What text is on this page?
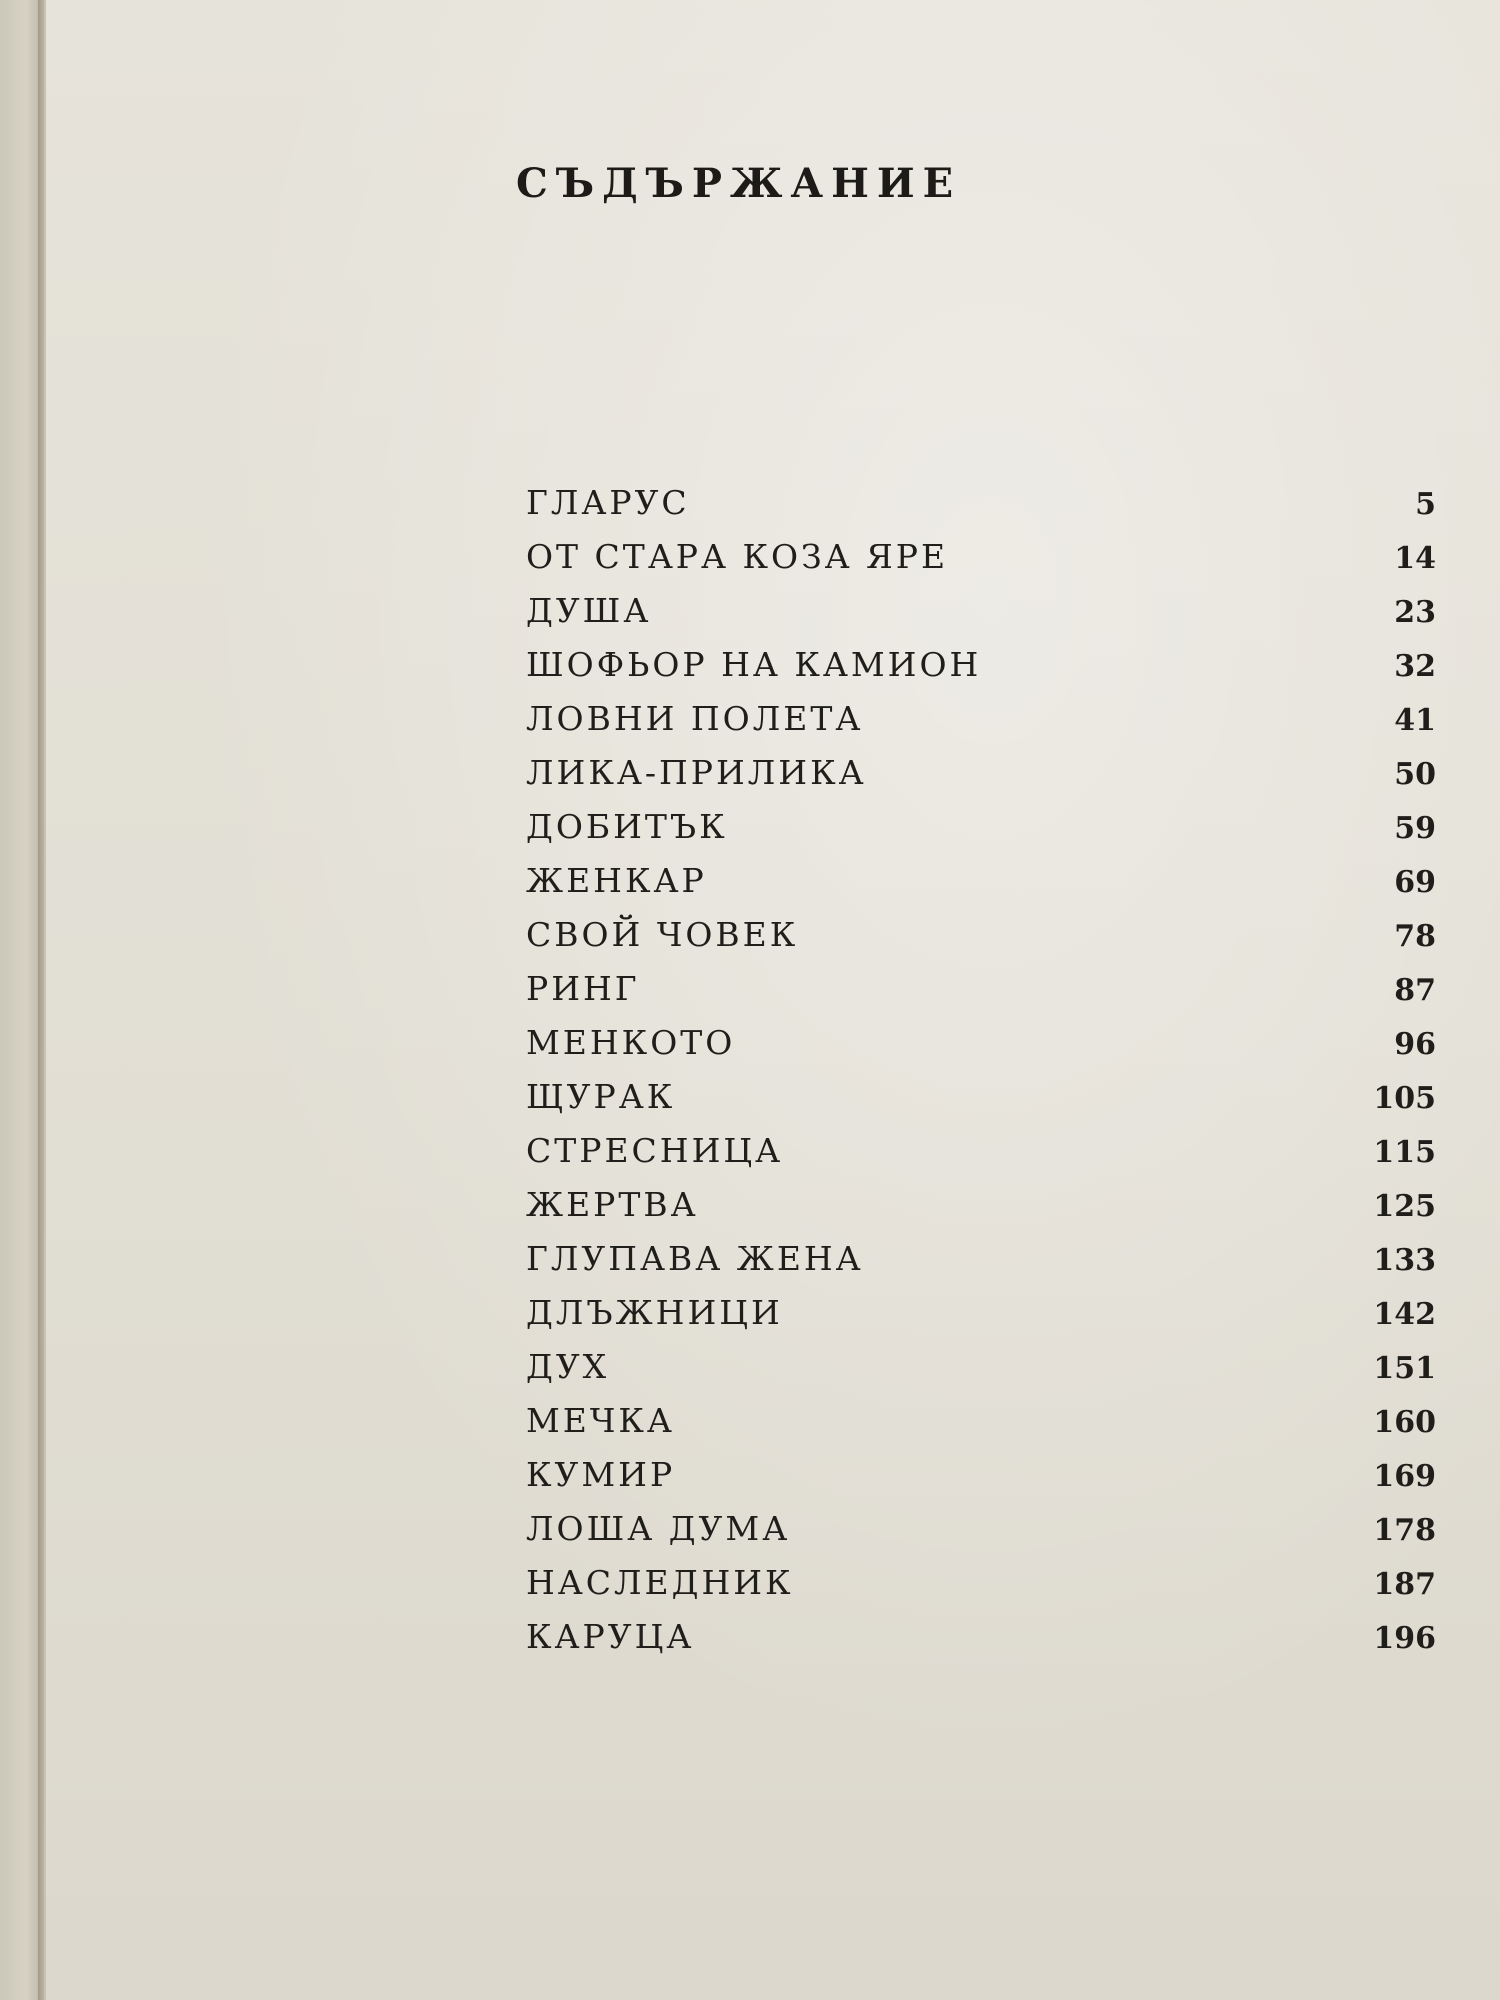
СЪДЪРЖАНИЕ
ГЛАРУС	5
ОТ СТАРА КОЗА ЯРЕ	14
ДУША	23
ШОФЬОР НА КАМИОН	32
ЛОВНИ ПОЛЕТА	41
ЛИКА-ПРИЛИКА	50
ДОБИТЪК	59
ЖЕНКАР	69
СВОЙ ЧОВЕК	78
РИНГ	87
МЕНКОТО	96
ЩУРАК	105
СТРЕСНИЦА	115
ЖЕРТВА	125
ГЛУПАВА ЖЕНА	133
ДЛЪЖНИЦИ	142
ДУХ	151
МЕЧКА	160
КУМИР	169
ЛОША ДУМА	178
НАСЛЕДНИК	187
КАРУЦА	196
